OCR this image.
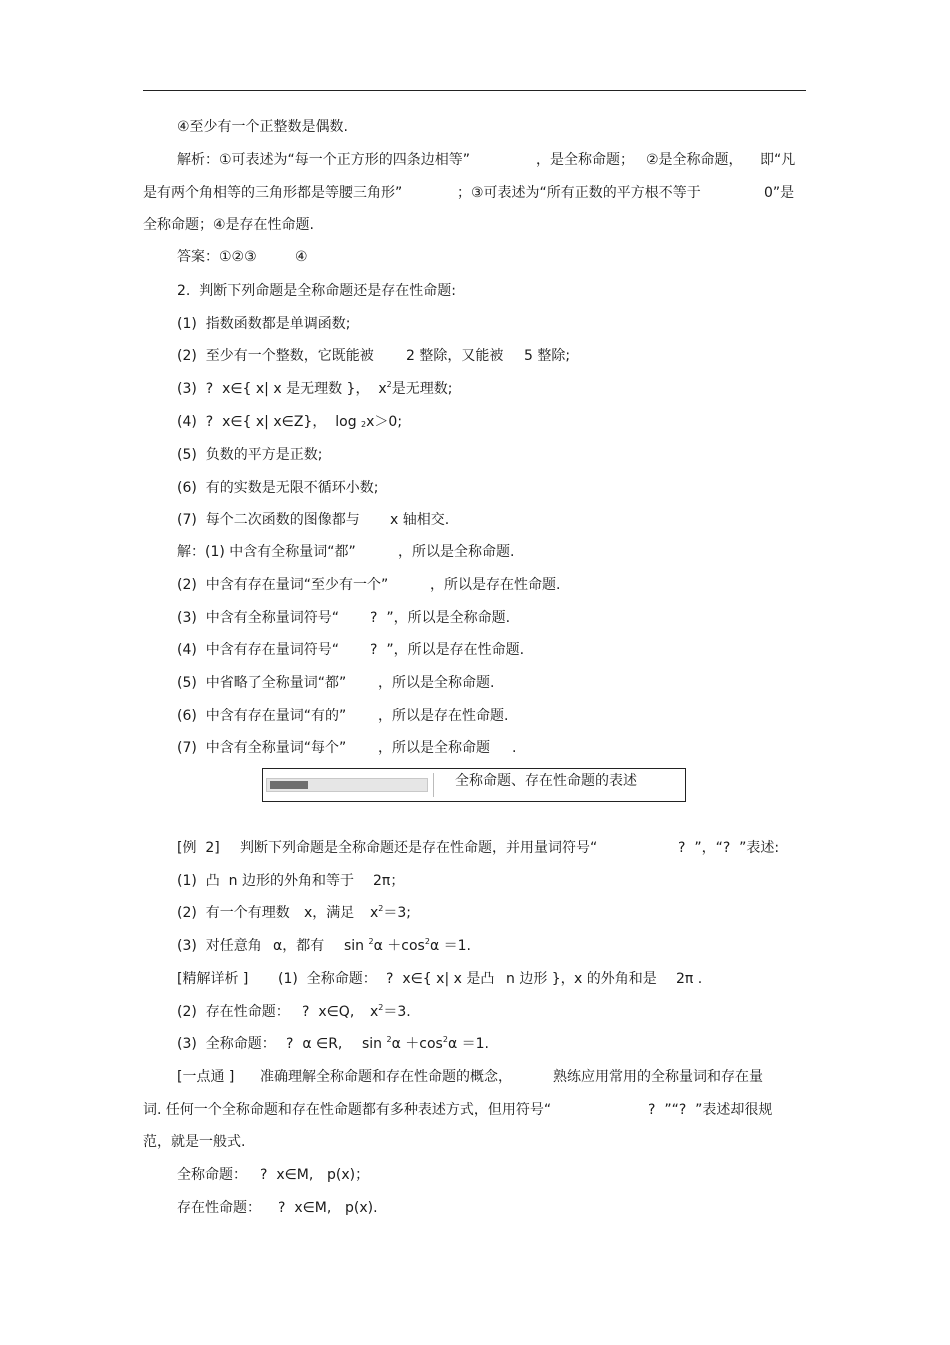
④至少有一个正整数是偶数.
解析：①可表述为“每一个正方形的四条边相等”	，是全称命题； ②是全称命题， 即“凡
是有两个角相等的三角形都是等腰三角形”	；③可表述为“所有正数的平方根不等于	0”是
全称命题；④是存在性命题.
答案：①②③	④
2.  判断下列命题是全称命题还是存在性命题:
(1)  指数函数都是单调函数;
(2)  至少有一个整数，它既能被 2 整除，又能被 5 整除;
(3)  ?  x∈{ x| x 是无理数 }， $x^2$是无理数;
(4)  ?  x∈{ x| x∈Z}， log $_2$x＞0;
(5)  负数的平方是正数;
(6)  有的实数是无限不循环小数;
(7)  每个二次函数的图像都与 x 轴相交.
解：(1) 中含有全称量词“都”	，所以是全称命题.
(2)  中含有存在量词“至少有一个”	，所以是存在性命题.
(3)  中含有全称量词符号“ ?  ”，所以是全称命题.
(4)  中含有存在量词符号“ ?  ”，所以是存在性命题.
(5)  中省略了全称量词“都” ，所以是全称命题.
(6)  中含有存在量词“有的” ，所以是存在性命题.
(7)  中含有全称量词“每个” ，所以是全称命题 .
全称命题、存在性命题的表述
[例  2] 判断下列命题是全称命题还是存在性命题，并用量词符号“	?  ”，“?  ”表述:
(1)  凸  n 边形的外角和等于 2π；
(2)  有一个有理数 x，满足 $x^2=3$;
(3)  对任意角 α，都有 $\sin ^2\alpha +\cos^2\alpha =1$.
[精解详析 ] (1)  全称命题： ?  x∈{ x| x 是凸 n 边形 }， x 的外角和是 2π .
(2)  存在性命题： ?  x∈Q, $x^2=3$.
(3)  全称命题： ?  α ∈R, $\sin ^2\alpha +\cos^2\alpha =1$.
[一点通 ] 准确理解全称命题和存在性命题的概念，	熟练应用常用的全称量词和存在量
词. 任何一个全称命题和存在性命题都有多种表述方式，但用符号“	?  ”“?  ”表述却很规
范，就是一般式.
全称命题： ?  x∈M, p(x)；
存在性命题： ?  x∈M, p(x).
